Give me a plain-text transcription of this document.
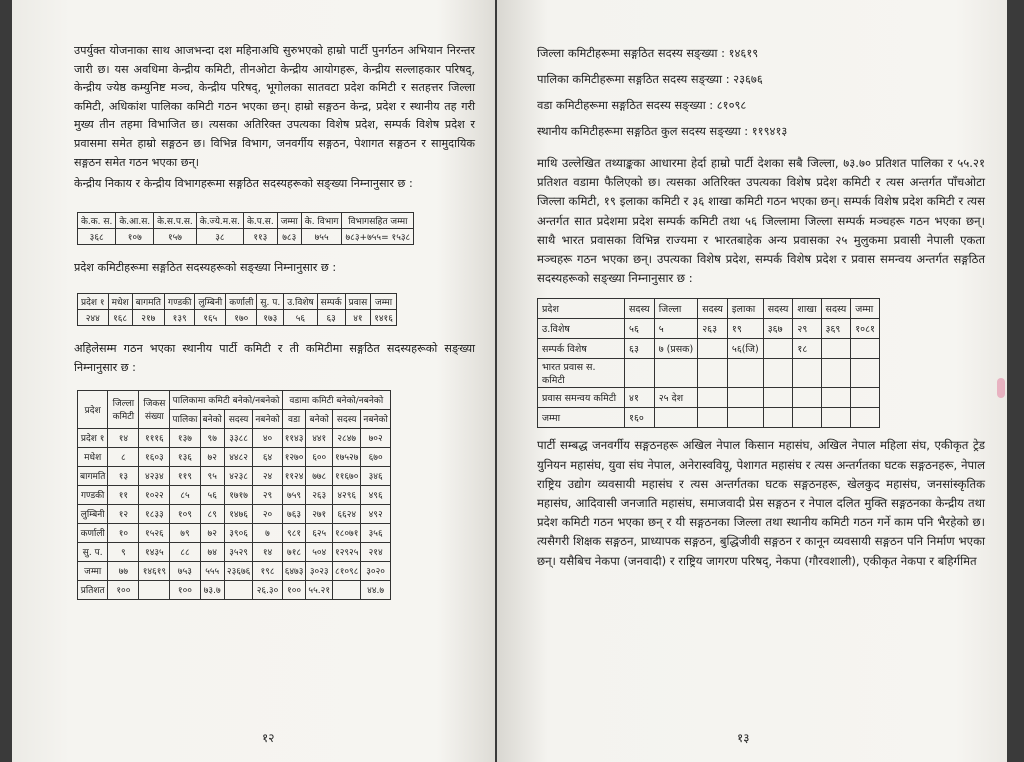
उपर्युक्त योजनाका साथ आजभन्दा दश महिनाअघि सुरुभएको हाम्रो पार्टी पुनर्गठन अभियान निरन्तर जारी छ। यस अवधिमा केन्द्रीय कमिटी, तीनओटा केन्द्रीय आयोगहरू, केन्द्रीय सल्लाहकार परिषद्, केन्द्रीय ज्येष्ठ कम्युनिष्ट मञ्च, केन्द्रीय परिषद्, भूगोलका सातवटा प्रदेश कमिटी र सतहत्तर जिल्ला कमिटी, अधिकांश पालिका कमिटी गठन भएका छन्। हाम्रो सङ्गठन केन्द्र, प्रदेश र स्थानीय तह गरी मुख्य तीन तहमा विभाजित छ। त्यसका अतिरिक्त उपत्यका विशेष प्रदेश, सम्पर्क विशेष प्रदेश र प्रवासमा समेत हाम्रो सङ्गठन छ। विभिन्न विभाग, जनवर्गीय सङ्गठन, पेशागत सङ्गठन र सामुदायिक सङ्गठन समेत गठन भएका छन्।

केन्द्रीय निकाय र केन्द्रीय विभागहरूमा सङ्गठित सदस्यहरूको सङ्ख्या निम्नानुसार छ :

के.क. स.	के.आ.स.	के.स.प.स.	के.ज्ये.म.स.	के.प.स.	जम्मा	के. विभाग	विभागसहित जम्मा
३६८	१०७	१५७	३८	११३	७८३	७५५	७८३+७५५= १५३८

प्रदेश कमिटीहरूमा सङ्गठित सदस्यहरूको सङ्ख्या निम्नानुसार छ :

प्रदेश १	मधेश	बागमति	गण्डकी	लुम्बिनी	कर्णाली	सु. प.	उ.विशेष	सम्पर्क	प्रवास	जम्मा
२४४	१६८	२१७	१३९	१६५	१७०	१७३	५६	६३	४१	१४१६

अहिलेसम्म गठन भएका स्थानीय पार्टी कमिटी र ती कमिटीमा सङ्गठित सदस्यहरूको सङ्ख्या निम्नानुसार छ :

प्रदेश	जिल्ला कमिटी	जिकस संख्या	पालिकामा कमिटी बनेको/नबनेको				वडामा कमिटी बनेको/नबनेको			
			पालिका	बनेको	सदस्य	नबनेको	वडा	बनेको	सदस्य	नबनेको
प्रदेश १	१४	१११६	१३७	९७	३३८८	४०	११४३	४४१	२८४७	७०२
मधेश	८	१६०३	१३६	७२	४४८२	६४	१२७०	६००	१७५२७	६७०
बागमति	१३	४२३४	११९	९५	४२३८	२४	११२४	७७८	११६७०	३४६
गण्डकी	११	१०२२	८५	५६	१७१७	२९	७५९	२६३	४२९६	४९६
लुम्बिनी	१२	१८३३	१०९	८९	१४७६	२०	७६३	२७१	६६२४	४९२
कर्णाली	१०	१५२६	७९	७२	३९०६	७	९८१	६२५	१८०७१	३५६
सु. प.	९	१४३५	८८	७४	३५२९	१४	७१८	५०४	१२९२५	२१४
जम्मा	७७	१४६१९	७५३	५५५	२३६७६	१९८	६४७३	३०२३	८१०९८	३०२०
प्रतिशत	१००		१००	७३.७		२६.३०	१००	५५.२१		४४.७
१२

जिल्ला कमिटीहरूमा सङ्गठित सदस्य सङ्ख्या : १४६१९

पालिका कमिटीहरूमा सङ्गठित सदस्य सङ्ख्या : २३६७६

वडा कमिटीहरूमा सङ्गठित सदस्य सङ्ख्या : ८१०९८

स्थानीय कमिटीहरूमा सङ्गठित कुल सदस्य सङ्ख्या : ११९४१३

माथि उल्लेखित तथ्याङ्कका आधारमा हेर्दा हाम्रो पार्टी देशका सबै जिल्ला, ७३.७० प्रतिशत पालिका र ५५.२१ प्रतिशत वडामा फैलिएको छ। त्यसका अतिरिक्त उपत्यका विशेष प्रदेश कमिटी र त्यस अन्तर्गत पाँचओटा जिल्ला कमिटी, १९ इलाका कमिटी र ३६ शाखा कमिटी गठन भएका छन्। सम्पर्क विशेष प्रदेश कमिटी र त्यस अन्तर्गत सात प्रदेशमा प्रदेश सम्पर्क कमिटी तथा ५६ जिल्लामा जिल्ला सम्पर्क मञ्चहरू गठन भएका छन्। साथै भारत प्रवासका विभिन्न राज्यमा र भारतबाहेक अन्य प्रवासका २५ मुलुकमा प्रवासी नेपाली एकता मञ्चहरू गठन भएका छन्। उपत्यका विशेष प्रदेश, सम्पर्क विशेष प्रदेश र प्रवास समन्वय अन्तर्गत सङ्गठित सदस्यहरूको सङ्ख्या निम्नानुसार छ :

प्रदेश	सदस्य	जिल्ला	सदस्य	इलाका	सदस्य	शाखा	सदस्य	जम्मा
उ.विशेष	५६	५	२६३	१९	३६७	२९	३६९	१०८१
सम्पर्क विशेष	६३	७ (प्रसक)		५६(जि)		१८		
भारत प्रवास स. कमिटी								
प्रवास समन्वय कमिटी	४१	२५ देश						
जम्मा	१६०							

पार्टी सम्बद्ध जनवर्गीय सङ्गठनहरू अखिल नेपाल किसान महासंघ, अखिल नेपाल महिला संघ, एकीकृत ट्रेड युनियन महासंघ, युवा संघ नेपाल, अनेरास्ववियू, पेशागत महासंघ र त्यस अन्तर्गतका घटक सङ्गठनहरू, नेपाल राष्ट्रिय उद्योग व्यवसायी महासंघ र त्यस अन्तर्गतका घटक सङ्गठनहरू, खेलकुद महासंघ, जनसांस्कृतिक महासंघ, आदिवासी जनजाति महासंघ, समाजवादी प्रेस सङ्गठन र नेपाल दलित मुक्ति सङ्गठनका केन्द्रीय तथा प्रदेश कमिटी गठन भएका छन् र यी सङ्गठनका जिल्ला तथा स्थानीय कमिटी गठन गर्ने काम पनि भैरहेको छ। त्यसैगरी शिक्षक सङ्गठन, प्राध्यापक सङ्गठन, बुद्धिजीवी सङ्गठन र कानून व्यवसायी सङ्गठन पनि निर्माण भएका छन्। यसैबिच नेकपा (जनवादी) र राष्ट्रिय जागरण परिषद्, नेकपा (गौरवशाली), एकीकृत नेकपा र बहिर्गमित

१३
